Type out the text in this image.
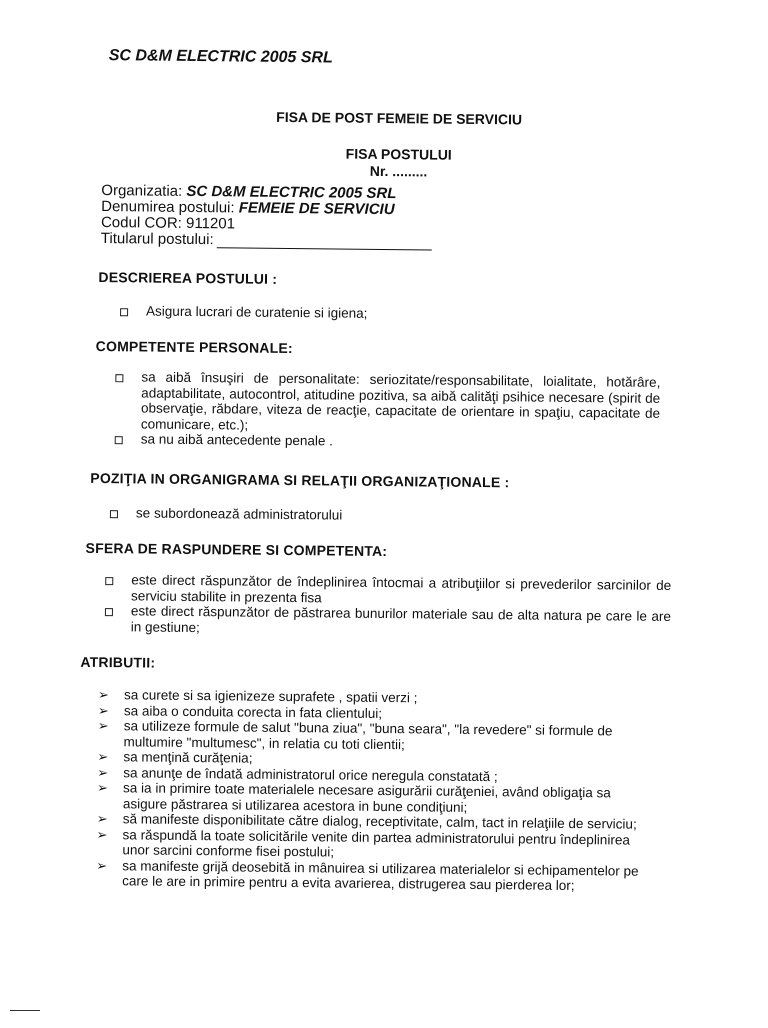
SC D&M ELECTRIC 2005 SRL
FISA DE POST FEMEIE DE SERVICIU
FISA POSTULUI
Nr. .........
Organizatia: SC D&M ELECTRIC 2005 SRL
Denumirea postului: FEMEIE DE SERVICIU
Codul COR: 911201
Titularul postului:
DESCRIEREA POSTULUI :
Asigura lucrari de curatenie si igiena;
COMPETENTE PERSONALE:
sa aibă însuşiri de personalitate: seriozitate/responsabilitate, loialitate, hotărâre, adaptabilitate, autocontrol, atitudine pozitiva, sa aibă calităţi psihice necesare (spirit de observaţie, răbdare, viteza de reacţie, capacitate de orientare in spaţiu, capacitate de comunicare, etc.);
sa nu aibă antecedente penale .
POZIŢIA IN ORGANIGRAMA SI RELAŢII ORGANIZAŢIONALE :
se subordonează administratorului
SFERA DE RASPUNDERE SI COMPETENTA:
este direct răspunzător de îndeplinirea întocmai a atribuţiilor si prevederilor sarcinilor de serviciu stabilite in prezenta fisa
este direct răspunzător de păstrarea bunurilor materiale sau de alta natura pe care le are in gestiune;
ATRIBUTII:
➢ sa curete si sa igienizeze suprafete , spatii verzi ;
➢ sa aiba o conduita corecta in fata clientului;
➢ sa utilizeze formule de salut "buna ziua", "buna seara", "la revedere" si formule de multumire "multumesc", in relatia cu toti clientii;
➢ sa menţină curăţenia;
➢ sa anunţe de îndată administratorul orice neregula constatată ;
➢ sa ia in primire toate materialele necesare asigurării curăţeniei, având obligaţia sa asigure păstrarea si utilizarea acestora in bune condiţiuni;
➢ să manifeste disponibilitate către dialog, receptivitate, calm, tact in relaţiile de serviciu;
➢ sa răspundă la toate solicitările venite din partea administratorului pentru îndeplinirea unor sarcini conforme fisei postului;
➢ sa manifeste grijă deosebită in mânuirea si utilizarea materialelor si echipamentelor pe care le are in primire pentru a evita avarierea, distrugerea sau pierderea lor;
